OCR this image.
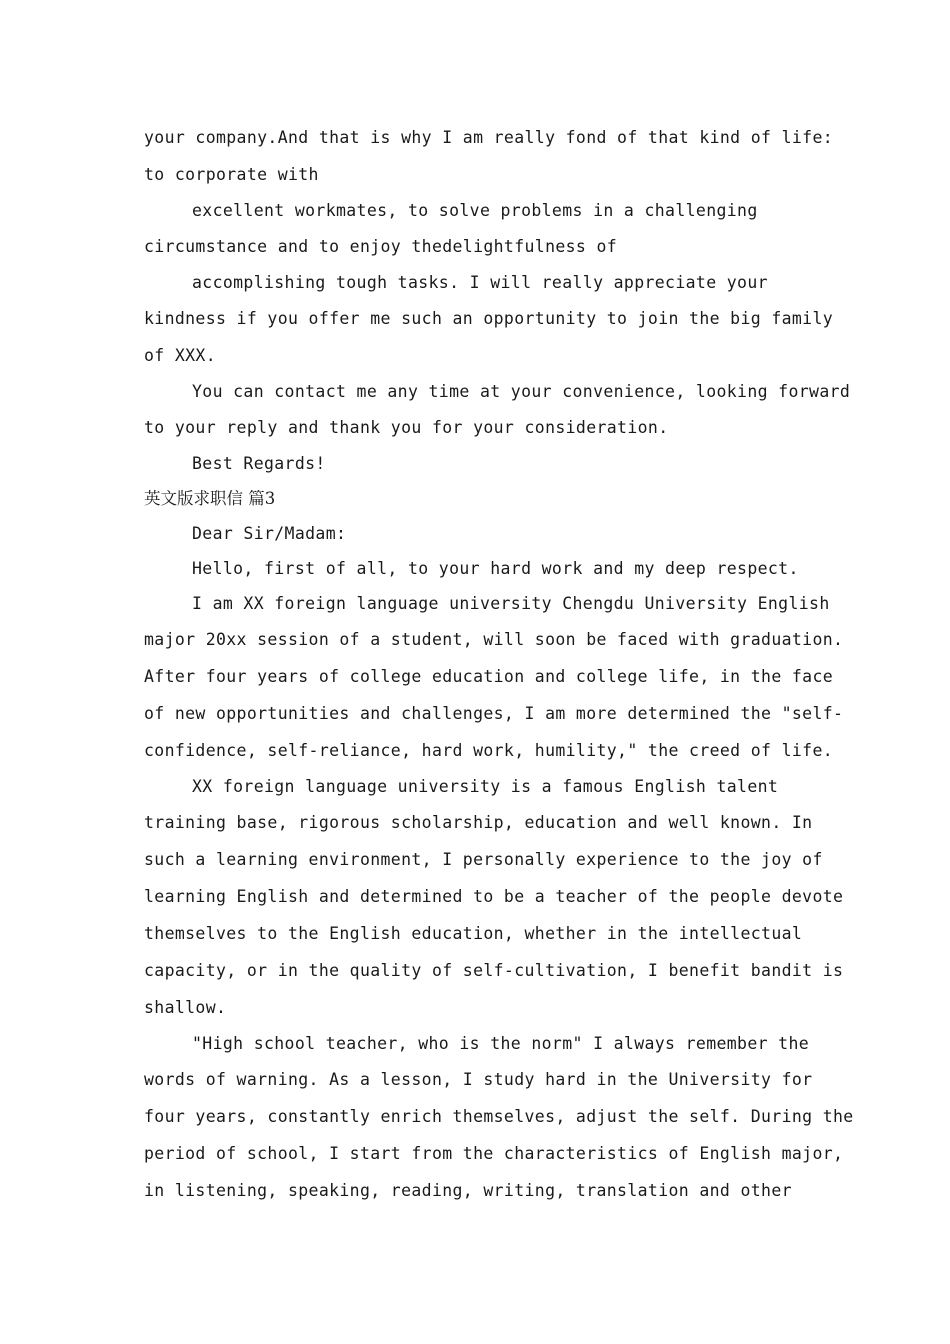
your company.And that is why I am really fond of that kind of life:
to corporate with
excellent workmates, to solve problems in a challenging
circumstance and to enjoy thedelightfulness of
accomplishing tough tasks. I will really appreciate your
kindness if you offer me such an opportunity to join the big family
of XXX.
You can contact me any time at your convenience, looking forward
to your reply and thank you for your consideration.
Best Regards!
英文版求职信 篇3
Dear Sir/Madam:
Hello, first of all, to your hard work and my deep respect.
I am XX foreign language university Chengdu University English
major 20xx session of a student, will soon be faced with graduation.
After four years of college education and college life, in the face
of new opportunities and challenges, I am more determined the "self-
confidence, self-reliance, hard work, humility," the creed of life.
XX foreign language university is a famous English talent
training base, rigorous scholarship, education and well known. In
such a learning environment, I personally experience to the joy of
learning English and determined to be a teacher of the people devote
themselves to the English education, whether in the intellectual
capacity, or in the quality of self-cultivation, I benefit bandit is
shallow.
"High school teacher, who is the norm" I always remember the
words of warning. As a lesson, I study hard in the University for
four years, constantly enrich themselves, adjust the self. During the
period of school, I start from the characteristics of English major,
in listening, speaking, reading, writing, translation and other
